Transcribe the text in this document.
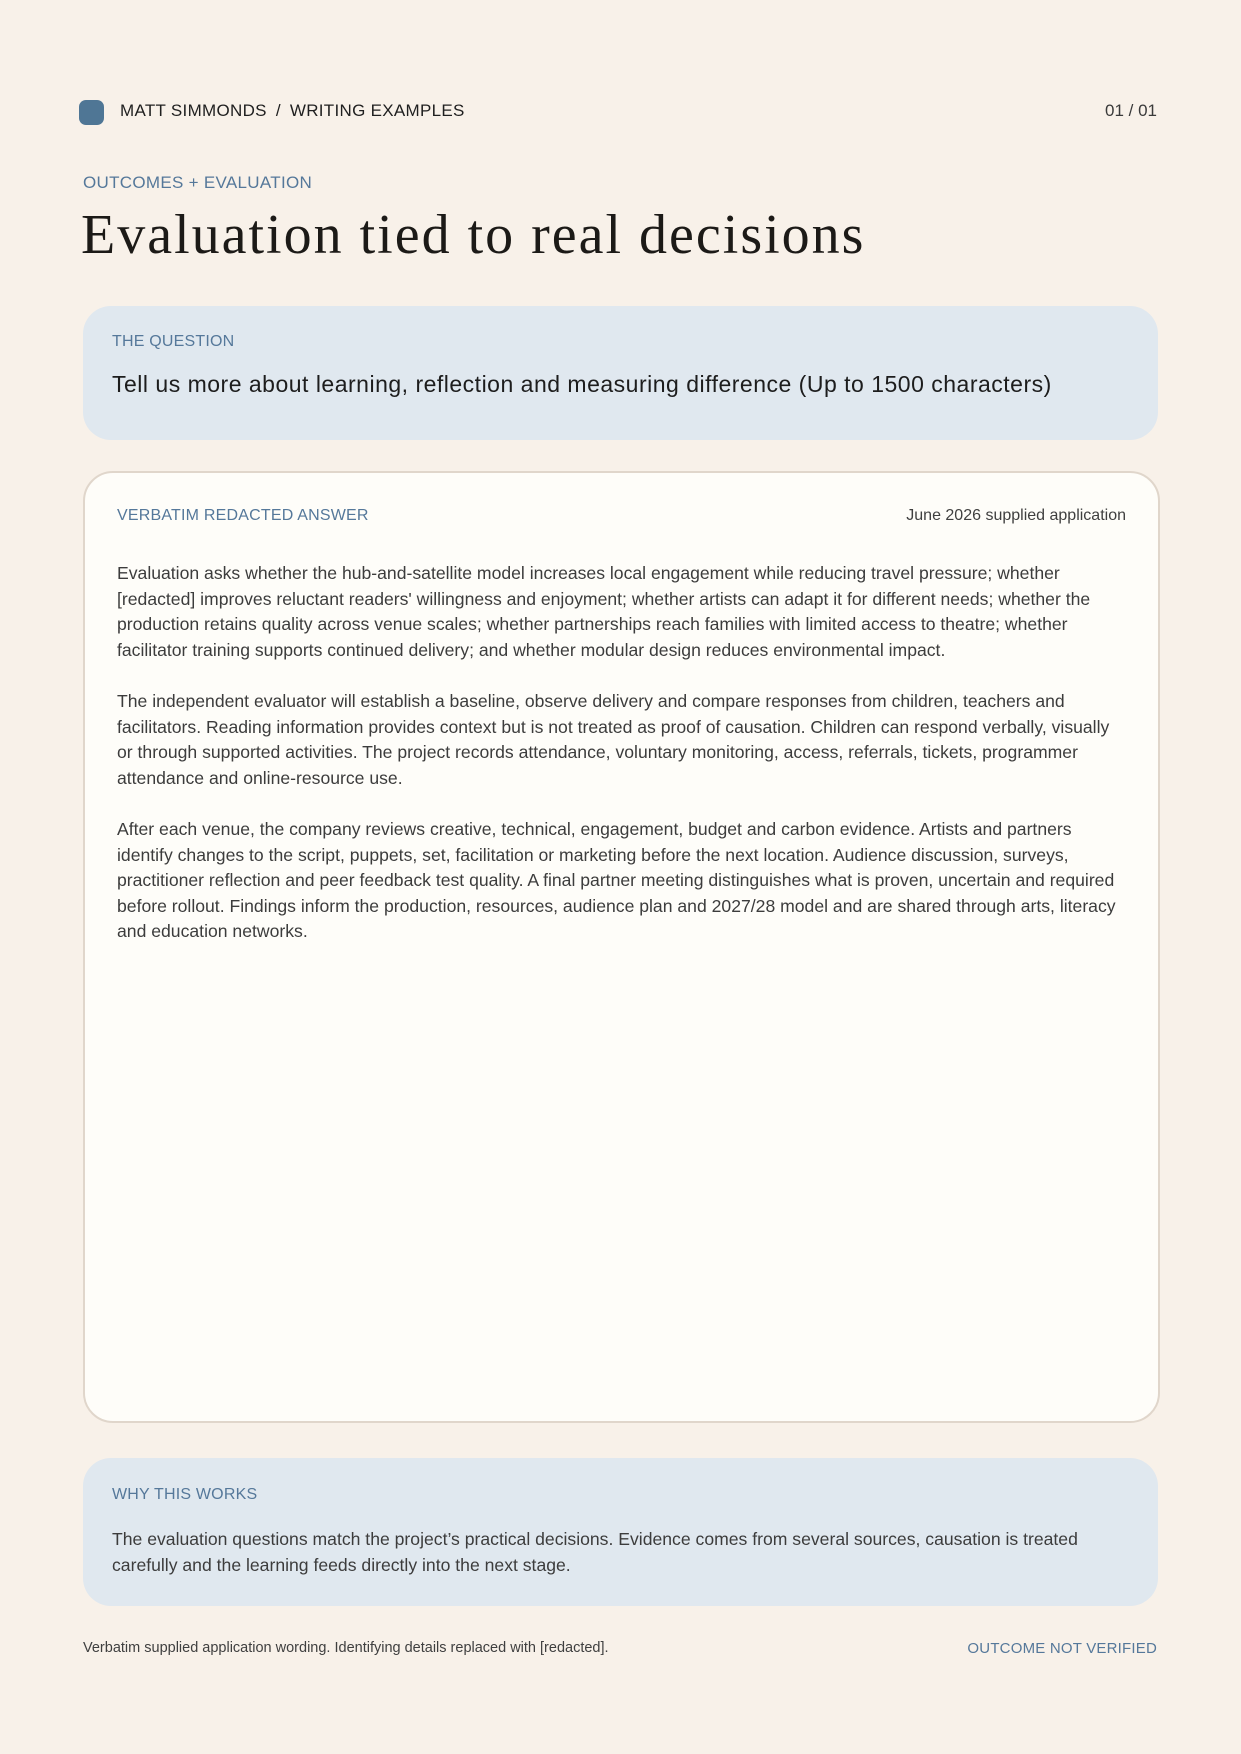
MATT SIMMONDS / WRITING EXAMPLES	01 / 01
OUTCOMES + EVALUATION
Evaluation tied to real decisions
THE QUESTION
Tell us more about learning, reflection and measuring difference (Up to 1500 characters)
VERBATIM REDACTED ANSWER	June 2026 supplied application

Evaluation asks whether the hub-and-satellite model increases local engagement while reducing travel pressure; whether [redacted] improves reluctant readers' willingness and enjoyment; whether artists can adapt it for different needs; whether the production retains quality across venue scales; whether partnerships reach families with limited access to theatre; whether facilitator training supports continued delivery; and whether modular design reduces environmental impact.

The independent evaluator will establish a baseline, observe delivery and compare responses from children, teachers and facilitators. Reading information provides context but is not treated as proof of causation. Children can respond verbally, visually or through supported activities. The project records attendance, voluntary monitoring, access, referrals, tickets, programmer attendance and online-resource use.

After each venue, the company reviews creative, technical, engagement, budget and carbon evidence. Artists and partners identify changes to the script, puppets, set, facilitation or marketing before the next location. Audience discussion, surveys, practitioner reflection and peer feedback test quality. A final partner meeting distinguishes what is proven, uncertain and required before rollout. Findings inform the production, resources, audience plan and 2027/28 model and are shared through arts, literacy and education networks.

WHY THIS WORKS
The evaluation questions match the project’s practical decisions. Evidence comes from several sources, causation is treated carefully and the learning feeds directly into the next stage.
Verbatim supplied application wording. Identifying details replaced with [redacted].	OUTCOME NOT VERIFIED
